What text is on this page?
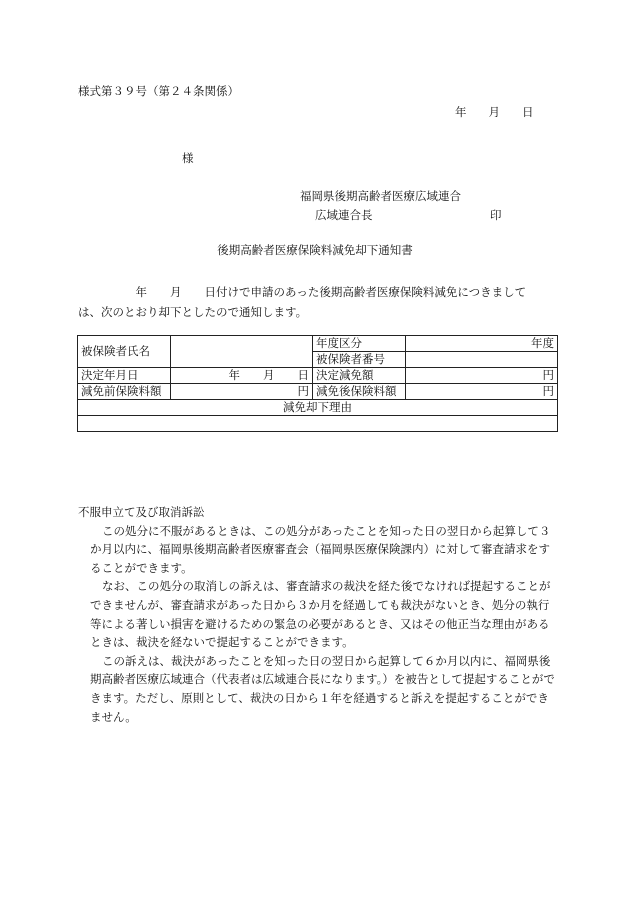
様式第３９号（第２４条関係）
年 月 日
様
福岡県後期高齢者医療広域連合
広域連合長	印
後期高齢者医療保険料減免却下通知書
　　　　　年　　月　　日付けで申請のあった後期高齢者医療保険料減免につきまして
は、次のとおり却下としたので通知します。
被保険者氏名		年度区分	年度
		被保険者番号	
決定年月日	年　　月　　日	決定減免額	円
減免前保険料額	円	減免後保険料額	円
減免却下理由			

不服申立て及び取消訴訟

この処分に不服があるときは、この処分があったことを知った日の翌日から起算して３か月以内に、福岡県後期高齢者医療審査会（福岡県医療保険課内）に対して審査請求をすることができます。

なお、この処分の取消しの訴えは、審査請求の裁決を経た後でなければ提起することができませんが、審査請求があった日から３か月を経過しても裁決がないとき、処分の執行等による著しい損害を避けるための緊急の必要があるとき、又はその他正当な理由があるときは、裁決を経ないで提起することができます。

この訴えは、裁決があったことを知った日の翌日から起算して６か月以内に、福岡県後期高齢者医療広域連合（代表者は広域連合長になります。）を被告として提起することができます。ただし、原則として、裁決の日から１年を経過すると訴えを提起することができません。
